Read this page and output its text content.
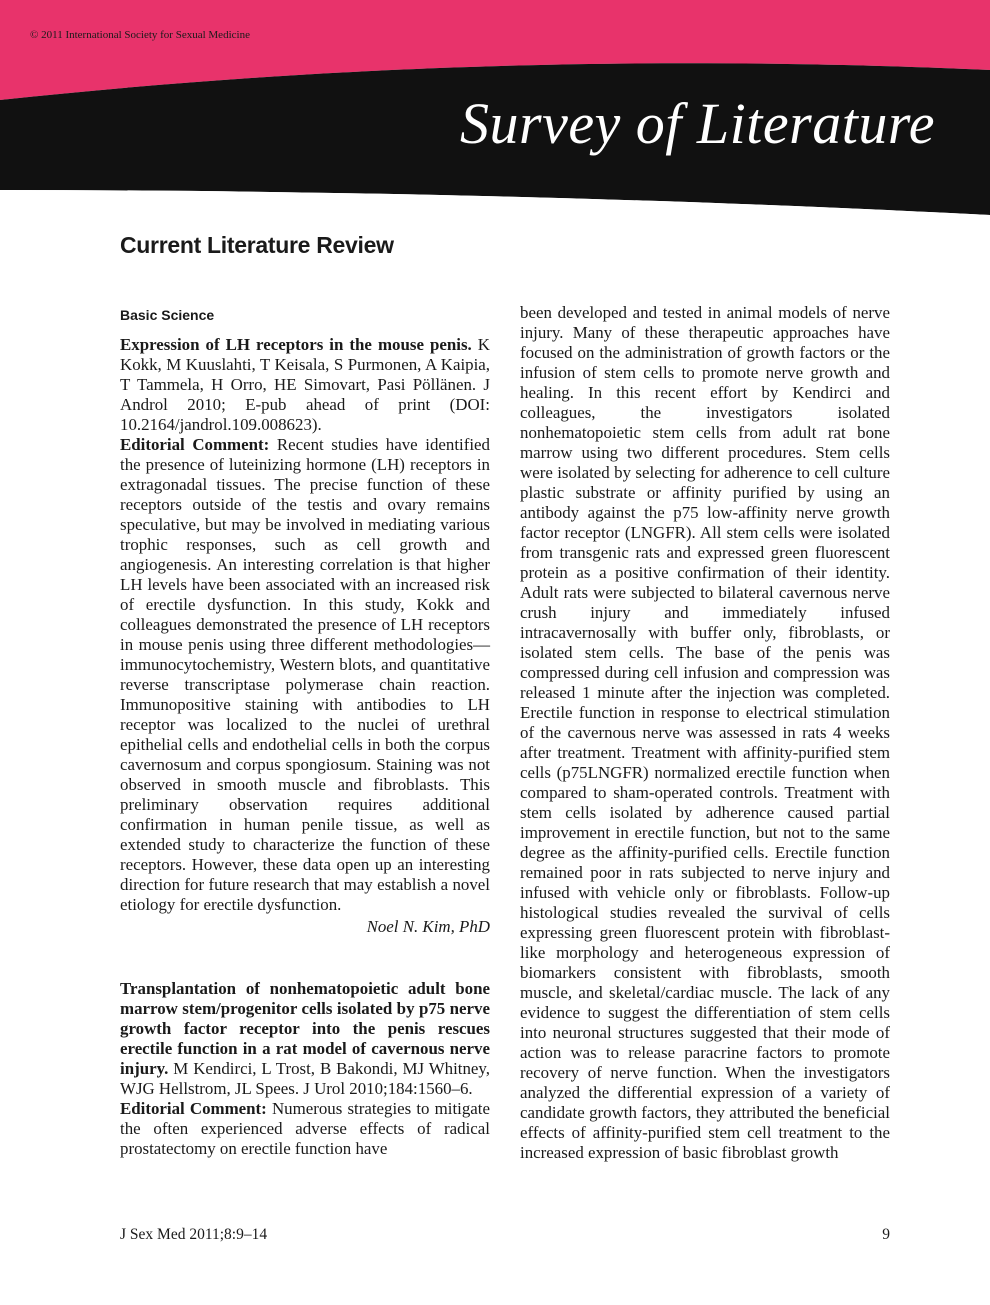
© 2011 International Society for Sexual Medicine
Survey of Literature
Current Literature Review
Basic Science

Expression of LH receptors in the mouse penis. K Kokk, M Kuuslahti, T Keisala, S Purmonen, A Kaipia, T Tammela, H Orro, HE Simovart, Pasi Pöllänen. J Androl 2010; E-pub ahead of print (DOI: 10.2164/jandrol.109.008623).

Editorial Comment: Recent studies have identified the presence of luteinizing hormone (LH) receptors in extragonadal tissues. The precise function of these receptors outside of the testis and ovary remains speculative, but may be involved in mediating various trophic responses, such as cell growth and angiogenesis. An interesting correlation is that higher LH levels have been associated with an increased risk of erectile dysfunction. In this study, Kokk and colleagues demonstrated the presence of LH receptors in mouse penis using three different methodologies—immunocytochemistry, Western blots, and quantitative reverse transcriptase polymerase chain reaction. Immunopositive staining with antibodies to LH receptor was localized to the nuclei of urethral epithelial cells and endothelial cells in both the corpus cavernosum and corpus spongiosum. Staining was not observed in smooth muscle and fibroblasts. This preliminary observation requires additional confirmation in human penile tissue, as well as extended study to characterize the function of these receptors. However, these data open up an interesting direction for future research that may establish a novel etiology for erectile dysfunction.

Noel N. Kim, PhD

Transplantation of nonhematopoietic adult bone marrow stem/progenitor cells isolated by p75 nerve growth factor receptor into the penis rescues erectile function in a rat model of cavernous nerve injury. M Kendirci, L Trost, B Bakondi, MJ Whitney, WJG Hellstrom, JL Spees. J Urol 2010;184:1560–6.

Editorial Comment: Numerous strategies to mitigate the often experienced adverse effects of radical prostatectomy on erectile function have

been developed and tested in animal models of nerve injury. Many of these therapeutic approaches have focused on the administration of growth factors or the infusion of stem cells to promote nerve growth and healing. In this recent effort by Kendirci and colleagues, the investigators isolated nonhematopoietic stem cells from adult rat bone marrow using two different procedures. Stem cells were isolated by selecting for adherence to cell culture plastic substrate or affinity purified by using an antibody against the p75 low-affinity nerve growth factor receptor (LNGFR). All stem cells were isolated from transgenic rats and expressed green fluorescent protein as a positive confirmation of their identity. Adult rats were subjected to bilateral cavernous nerve crush injury and immediately infused intracavernosally with buffer only, fibroblasts, or isolated stem cells. The base of the penis was compressed during cell infusion and compression was released 1 minute after the injection was completed. Erectile function in response to electrical stimulation of the cavernous nerve was assessed in rats 4 weeks after treatment. Treatment with affinity-purified stem cells (p75LNGFR) normalized erectile function when compared to sham-operated controls. Treatment with stem cells isolated by adherence caused partial improvement in erectile function, but not to the same degree as the affinity-purified cells. Erectile function remained poor in rats subjected to nerve injury and infused with vehicle only or fibroblasts. Follow-up histological studies revealed the survival of cells expressing green fluorescent protein with fibroblast-like morphology and heterogeneous expression of biomarkers consistent with fibroblasts, smooth muscle, and skeletal/cardiac muscle. The lack of any evidence to suggest the differentiation of stem cells into neuronal structures suggested that their mode of action was to release paracrine factors to promote recovery of nerve function. When the investigators analyzed the differential expression of a variety of candidate growth factors, they attributed the beneficial effects of affinity-purified stem cell treatment to the increased expression of basic fibroblast growth

J Sex Med 2011;8:9–14	9
